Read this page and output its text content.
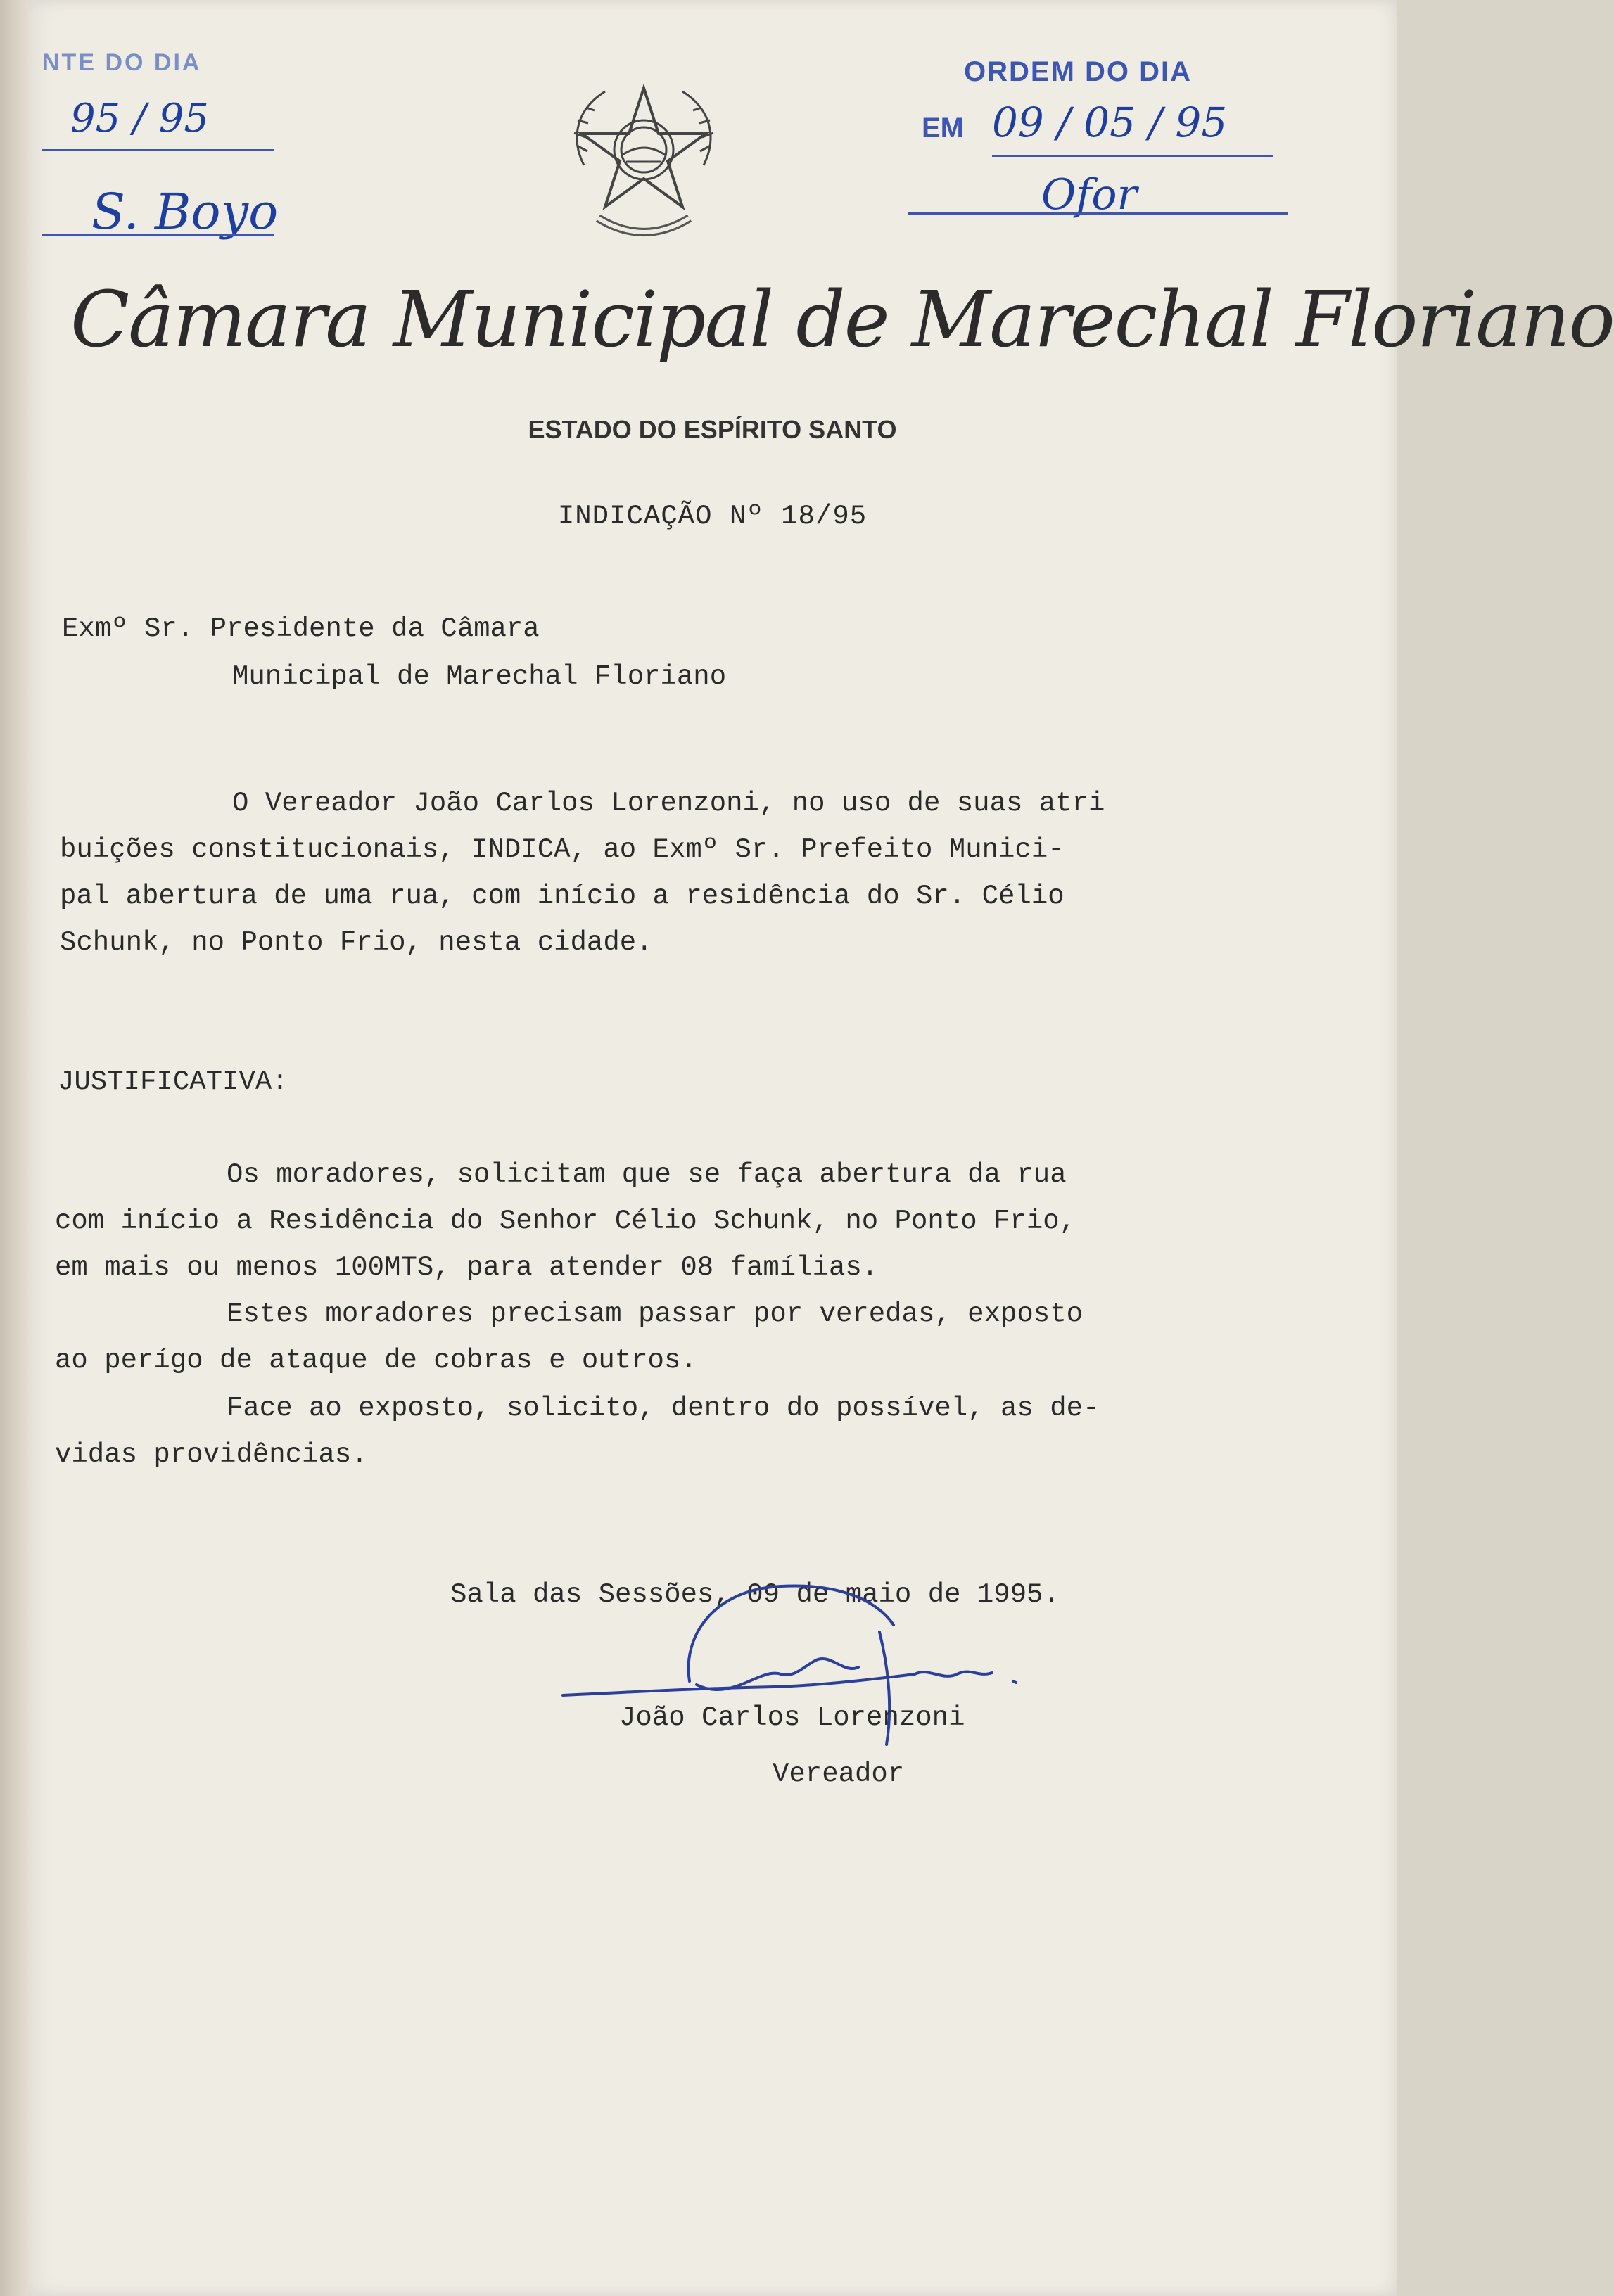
NTE DO DIA
95 / 95
S. Boyo
ORDEM DO DIA
EM 09 / 05 / 95
Ofor
Câmara Municipal de Marechal Floriano
ESTADO DO ESPÍRITO SANTO
INDICAÇÃO Nº 18/95
Exmº Sr. Presidente da Câmara
Municipal de Marechal Floriano
O Vereador João Carlos Lorenzoni, no uso de suas atri
buições constitucionais, INDICA, ao Exmº Sr. Prefeito Munici-
pal abertura de uma rua, com início a residência do Sr. Célio
Schunk, no Ponto Frio, nesta cidade.
JUSTIFICATIVA:
Os moradores, solicitam que se faça abertura da rua
com início a Residência do Senhor Célio Schunk, no Ponto Frio,
em mais ou menos 100MTS, para atender 08 famílias.
Estes moradores precisam passar por veredas, exposto
ao perígo de ataque de cobras e outros.
Face ao exposto, solicito, dentro do possível, as de-
vidas providências.
Sala das Sessões, 09 de maio de 1995.
João Carlos Lorenzoni
Vereador
